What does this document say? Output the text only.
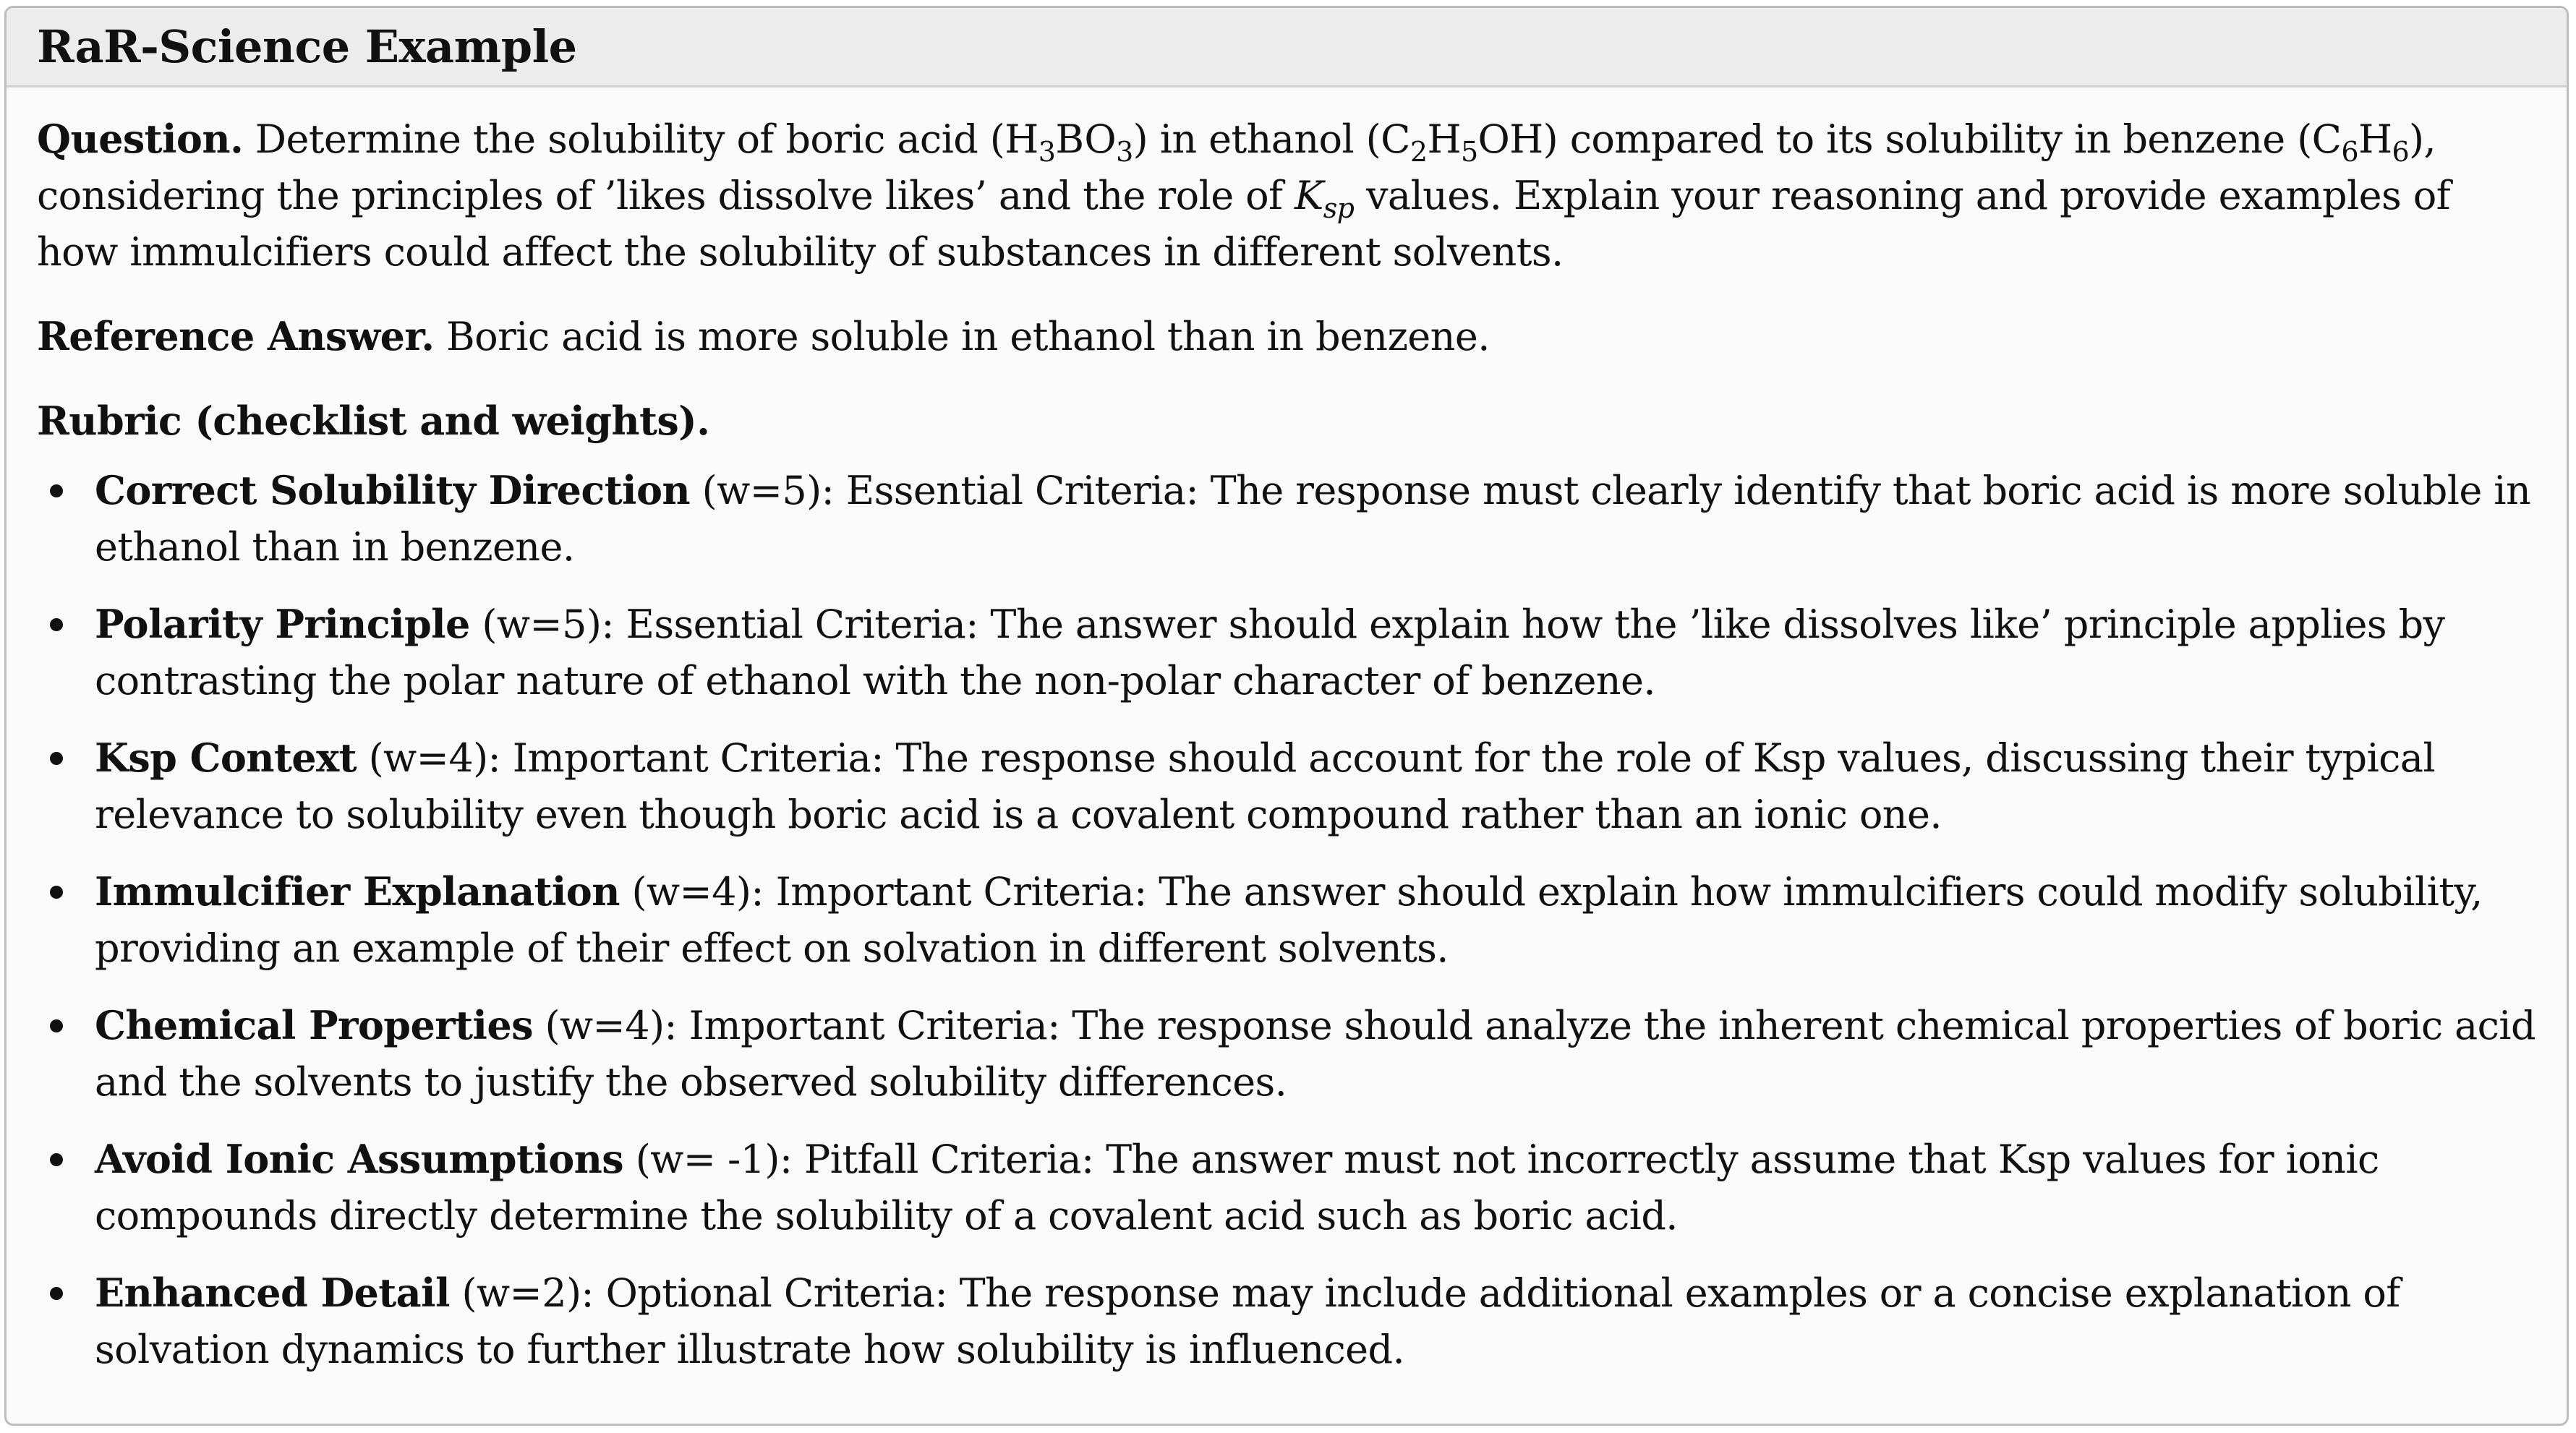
RaR-Science Example

Question. Determine the solubility of boric acid $(H_3BO_3)$ in ethanol $(C_2H_5OH)$ compared to its solubility in benzene $(C_6H_6)$, considering the principles of ’likes dissolve likes’ and the role of $K_{sp}$ values. Explain your reasoning and provide examples of how immulcifiers could affect the solubility of substances in different solvents.

Reference Answer. Boric acid is more soluble in ethanol than in benzene.

Rubric (checklist and weights).

Correct Solubility Direction (w=5): Essential Criteria: The response must clearly identify that boric acid is more soluble in ethanol than in benzene.
Polarity Principle (w=5): Essential Criteria: The answer should explain how the ’like dissolves like’ principle applies by contrasting the polar nature of ethanol with the non-polar character of benzene.
Ksp Context (w=4): Important Criteria: The response should account for the role of Ksp values, discussing their typical relevance to solubility even though boric acid is a covalent compound rather than an ionic one.
Immulcifier Explanation (w=4): Important Criteria: The answer should explain how immulcifiers could modify solubility, providing an example of their effect on solvation in different solvents.
Chemical Properties (w=4): Important Criteria: The response should analyze the inherent chemical properties of boric acid and the solvents to justify the observed solubility differences.
Avoid Ionic Assumptions (w= -1): Pitfall Criteria: The answer must not incorrectly assume that Ksp values for ionic compounds directly determine the solubility of a covalent acid such as boric acid.
Enhanced Detail (w=2): Optional Criteria: The response may include additional examples or a concise explanation of solvation dynamics to further illustrate how solubility is influenced.
